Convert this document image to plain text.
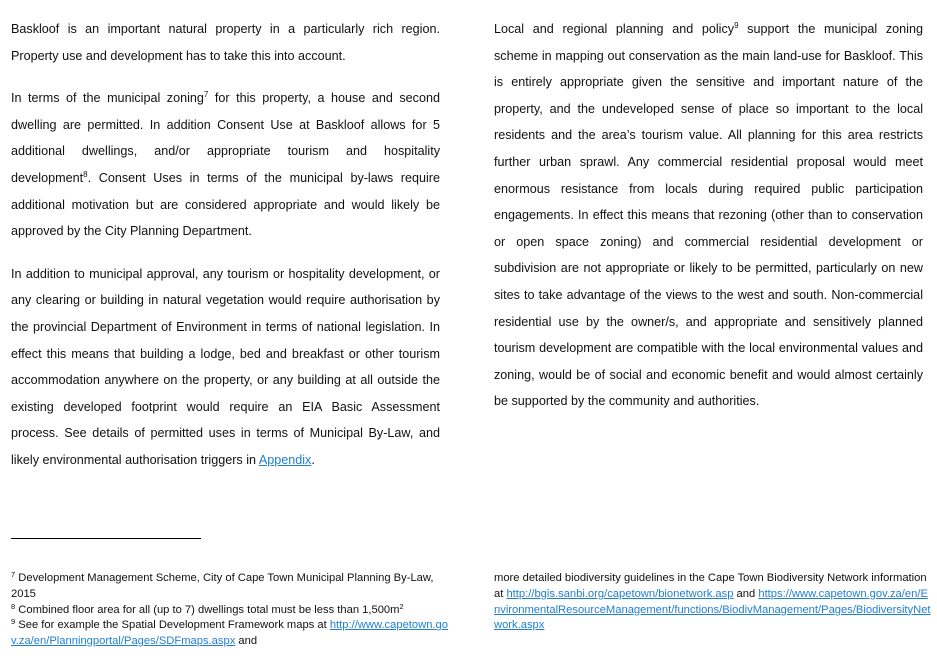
Baskloof is an important natural property in a particularly rich region. Property use and development has to take this into account.

In terms of the municipal zoning$^7$ for this property, a house and second dwelling are permitted. In addition Consent Use at Baskloof allows for 5 additional dwellings, and/or appropriate tourism and hospitality development$^8$. Consent Uses in terms of the municipal by-laws require additional motivation but are considered appropriate and would likely be approved by the City Planning Department.

In addition to municipal approval, any tourism or hospitality development, or any clearing or building in natural vegetation would require authorisation by the provincial Department of Environment in terms of national legislation. In effect this means that building a lodge, bed and breakfast or other tourism accommodation anywhere on the property, or any building at all outside the existing developed footprint would require an EIA Basic Assessment process. See details of permitted uses in terms of Municipal By-Law, and likely environmental authorisation triggers in Appendix.

Local and regional planning and policy$^9$ support the municipal zoning scheme in mapping out conservation as the main land-use for Baskloof. This is entirely appropriate given the sensitive and important nature of the property, and the undeveloped sense of place so important to the local residents and the area’s tourism value. All planning for this area restricts further urban sprawl. Any commercial residential proposal would meet enormous resistance from locals during required public participation engagements. In effect this means that rezoning (other than to conservation or open space zoning) and commercial residential development or subdivision are not appropriate or likely to be permitted, particularly on new sites to take advantage of the views to the west and south. Non-commercial residential use by the owner/s, and appropriate and sensitively planned tourism development are compatible with the local environmental values and zoning, would be of social and economic benefit and would almost certainly be supported by the community and authorities.

$^7$ Development Management Scheme, City of Cape Town Municipal Planning By-Law, 2015

$^8$ Combined floor area for all (up to 7) dwellings total must be less than $1,500m^2$

$^9$ See for example the Spatial Development Framework maps at http://www.capetown.gov.za/en/Planningportal/Pages/SDFmaps.aspx and

more detailed biodiversity guidelines in the Cape Town Biodiversity Network information at http://bgis.sanbi.org/capetown/bionetwork.asp and https://www.capetown.gov.za/en/EnvironmentalResourceManagement/functions/BiodivManagement/Pages/BiodiversityNetwork.aspx
